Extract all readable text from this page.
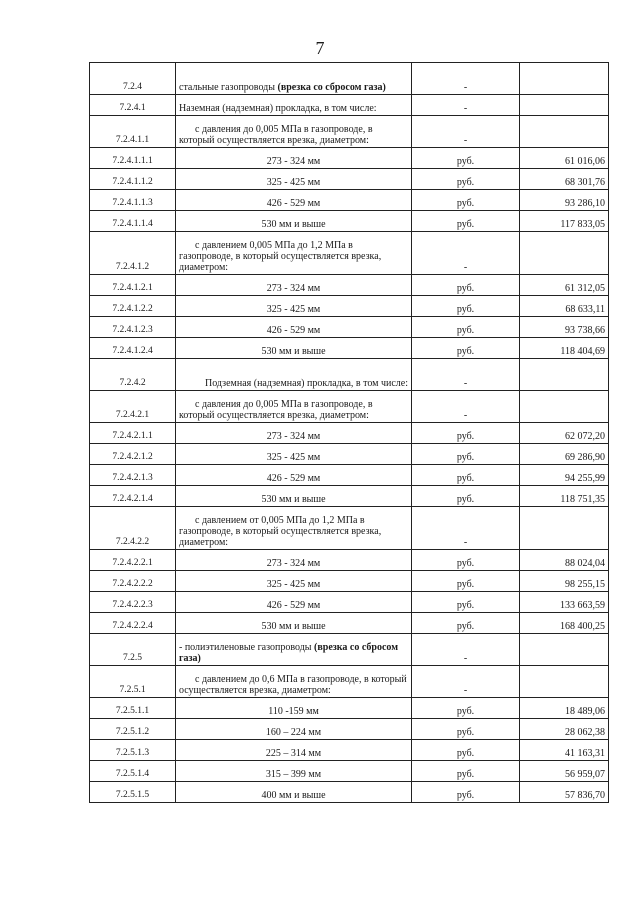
7
7.2.4	стальные газопроводы (врезка со сбросом газа)	-	
7.2.4.1	Наземная (надземная) прокладка, в том числе:	-	
7.2.4.1.1	с давления до 0,005 МПа в газопроводе, в который осуществляется врезка, диаметром:	-	
7.2.4.1.1.1	273 - 324 мм	руб.	61 016,06
7.2.4.1.1.2	325 - 425 мм	руб.	68 301,76
7.2.4.1.1.3	426 - 529 мм	руб.	93 286,10
7.2.4.1.1.4	530 мм и выше	руб.	117 833,05
7.2.4.1.2	с давлением 0,005 МПа до 1,2 МПа в газопроводе, в который осуществляется врезка, диаметром:	-	
7.2.4.1.2.1	273 - 324 мм	руб.	61 312,05
7.2.4.1.2.2	325 - 425 мм	руб.	68 633,11
7.2.4.1.2.3	426 - 529 мм	руб.	93 738,66
7.2.4.1.2.4	530 мм и выше	руб.	118 404,69
7.2.4.2	Подземная (надземная) прокладка, в том числе:	-	
7.2.4.2.1	с давления до 0,005 МПа в газопроводе, в который осуществляется врезка, диаметром:	-	
7.2.4.2.1.1	273 - 324 мм	руб.	62 072,20
7.2.4.2.1.2	325 - 425 мм	руб.	69 286,90
7.2.4.2.1.3	426 - 529 мм	руб.	94 255,99
7.2.4.2.1.4	530 мм и выше	руб.	118 751,35
7.2.4.2.2	с давлением от 0,005 МПа до 1,2 МПа в газопроводе, в который осуществляется врезка, диаметром:	-	
7.2.4.2.2.1	273 - 324 мм	руб.	88 024,04
7.2.4.2.2.2	325 - 425 мм	руб.	98 255,15
7.2.4.2.2.3	426 - 529 мм	руб.	133 663,59
7.2.4.2.2.4	530 мм и выше	руб.	168 400,25
7.2.5	- полиэтиленовые газопроводы (врезка со сбросом газа)	-	
7.2.5.1	с давлением до 0,6 МПа в газопроводе, в который осуществляется врезка, диаметром:	-	
7.2.5.1.1	110 -159 мм	руб.	18 489,06
7.2.5.1.2	160 – 224 мм	руб.	28 062,38
7.2.5.1.3	225 – 314 мм	руб.	41 163,31
7.2.5.1.4	315 – 399 мм	руб.	56 959,07
7.2.5.1.5	400 мм и выше	руб.	57 836,70
